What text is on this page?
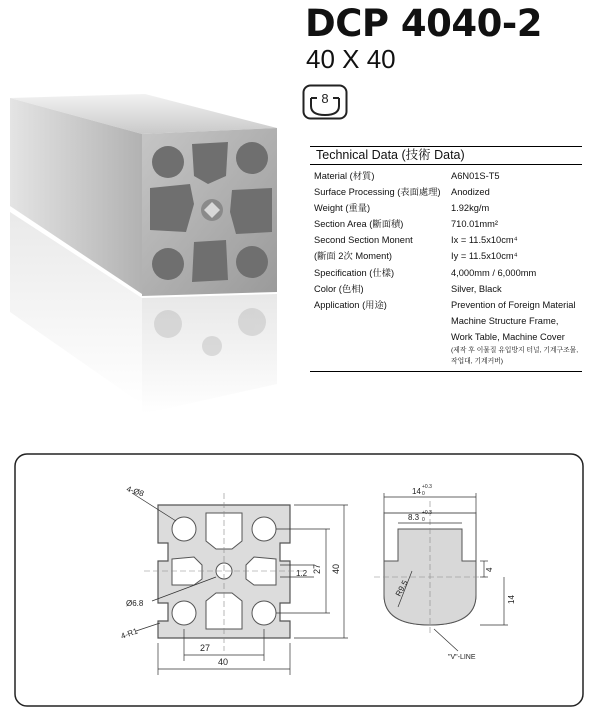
DCP 4040-2
40 X 40
8
Technical Data (技術 Data)
Material (材質)	A6N01S-T5
Surface Processing (表面處理) Anodized
Weight (重量)	1.92kg/m
Section Area (斷面積)	710.01mm²
Second Section Monent	Ix = 11.5x10cm⁴
(斷面 2次 Moment)	Iy = 11.5x10cm⁴
Specification (仕樣)	4,000mm / 6,000mm
Color (色相)	Silver, Black
Application (用途)	Prevention of Foreign Material
Machine Structure Frame,
Work Table, Machine Cover
(제작 후 이물질 유입방지 터널, 기계구조물,
작업대, 기계커버)
27
40
27 40
1.2
4-Ø8
Ø6.8
4-R1
14 +0.3
0
8.3 +0.3
0
4
14
R9.5
"V"-LINE
